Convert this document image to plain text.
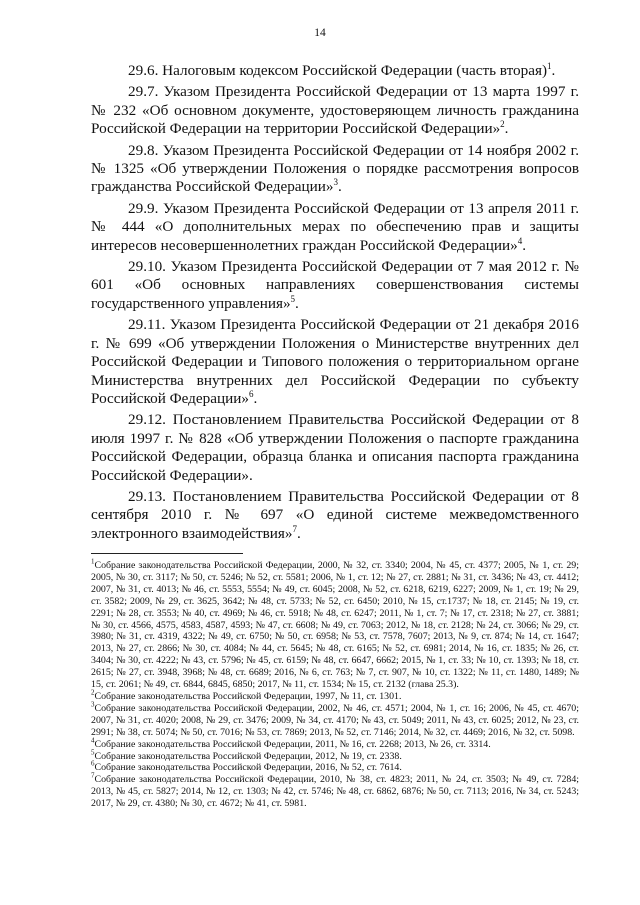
14

29.6. Налоговым кодексом Российской Федерации (часть вторая)$^1$.

29.7. Указом Президента Российской Федерации от 13 марта 1997 г. № 232 «Об основном документе, удостоверяющем личность гражданина Российской Федерации на территории Российской Федерации»$^2$.

29.8. Указом Президента Российской Федерации от 14 ноября 2002 г. № 1325 «Об утверждении Положения о порядке рассмотрения вопросов гражданства Российской Федерации»$^3$.

29.9. Указом Президента Российской Федерации от 13 апреля 2011 г. № 444 «О дополнительных мерах по обеспечению прав и защиты интересов несовершеннолетних граждан Российской Федерации»$^4$.

29.10. Указом Президента Российской Федерации от 7 мая 2012 г. № 601 «Об основных направлениях совершенствования системы государственного управления»$^5$.

29.11. Указом Президента Российской Федерации от 21 декабря 2016 г. № 699 «Об утверждении Положения о Министерстве внутренних дел Российской Федерации и Типового положения о территориальном органе Министерства внутренних дел Российской Федерации по субъекту Российской Федерации»$^6$.

29.12. Постановлением Правительства Российской Федерации от 8 июля 1997 г. № 828 «Об утверждении Положения о паспорте гражданина Российской Федерации, образца бланка и описания паспорта гражданина Российской Федерации».

29.13. Постановлением Правительства Российской Федерации от 8 сентября 2010 г. № 697 «О единой системе межведомственного электронного взаимодействия»$^7$.

$^1$Собрание законодательства Российской Федерации, 2000, № 32, ст. 3340; 2004, № 45, ст. 4377; 2005, № 1, ст. 29; 2005, № 30, ст. 3117; № 50, ст. 5246; № 52, ст. 5581; 2006, № 1, ст. 12; № 27, ст. 2881; № 31, ст. 3436; № 43, ст. 4412; 2007, № 31, ст. 4013; № 46, ст. 5553, 5554; № 49, ст. 6045; 2008, № 52, ст. 6218, 6219, 6227; 2009, № 1, ст. 19; № 29, ст. 3582; 2009, № 29, ст. 3625, 3642; № 48, ст. 5733; № 52, ст. 6450; 2010, № 15, ст.1737; № 18, ст. 2145; № 19, ст. 2291; № 28, ст. 3553; № 40, ст. 4969; № 46, ст. 5918; № 48, ст. 6247; 2011, № 1, ст. 7; № 17, ст. 2318; № 27, ст. 3881; № 30, ст. 4566, 4575, 4583, 4587, 4593; № 47, ст. 6608; № 49, ст. 7063; 2012, № 18, ст. 2128; № 24, ст. 3066; № 29, ст. 3980; № 31, ст. 4319, 4322; № 49, ст. 6750; № 50, ст. 6958; № 53, ст. 7578, 7607; 2013, № 9, ст. 874; № 14, ст. 1647; 2013, № 27, ст. 2866; № 30, ст. 4084; № 44, ст. 5645; № 48, ст. 6165; № 52, ст. 6981; 2014, № 16, ст. 1835; № 26, ст. 3404; № 30, ст. 4222; № 43, ст. 5796; № 45, ст. 6159; № 48, ст. 6647, 6662; 2015, № 1, ст. 33; № 10, ст. 1393; № 18, ст. 2615; № 27, ст. 3948, 3968; № 48, ст. 6689; 2016, № 6, ст. 763; № 7, ст. 907, № 10, ст. 1322; № 11, ст. 1480, 1489; № 15, ст. 2061; № 49, ст. 6844, 6845, 6850; 2017, № 11, ст. 1534; № 15, ст. 2132 (глава 25.3).

$^2$Собрание законодательства Российской Федерации, 1997, № 11, ст. 1301.

$^3$Собрание законодательства Российской Федерации, 2002, № 46, ст. 4571; 2004, № 1, ст. 16; 2006, № 45, ст. 4670; 2007, № 31, ст. 4020; 2008, № 29, ст. 3476; 2009, № 34, ст. 4170; № 43, ст. 5049; 2011, № 43, ст. 6025; 2012, № 23, ст. 2991; № 38, ст. 5074; № 50, ст. 7016; № 53, ст. 7869; 2013, № 52, ст. 7146; 2014, № 32, ст. 4469; 2016, № 32, ст. 5098.

$^4$Собрание законодательства Российской Федерации, 2011, № 16, ст. 2268; 2013, № 26, ст. 3314.

$^5$Собрание законодательства Российской Федерации, 2012, № 19, ст. 2338.

$^6$Собрание законодательства Российской Федерации, 2016, № 52, ст. 7614.

$^7$Собрание законодательства Российской Федерации, 2010, № 38, ст. 4823; 2011, № 24, ст. 3503; № 49, ст. 7284; 2013, № 45, ст. 5827; 2014, № 12, ст. 1303; № 42, ст. 5746; № 48, ст. 6862, 6876; № 50, ст. 7113; 2016, № 34, ст. 5243; 2017, № 29, ст. 4380; № 30, ст. 4672; № 41, ст. 5981.
